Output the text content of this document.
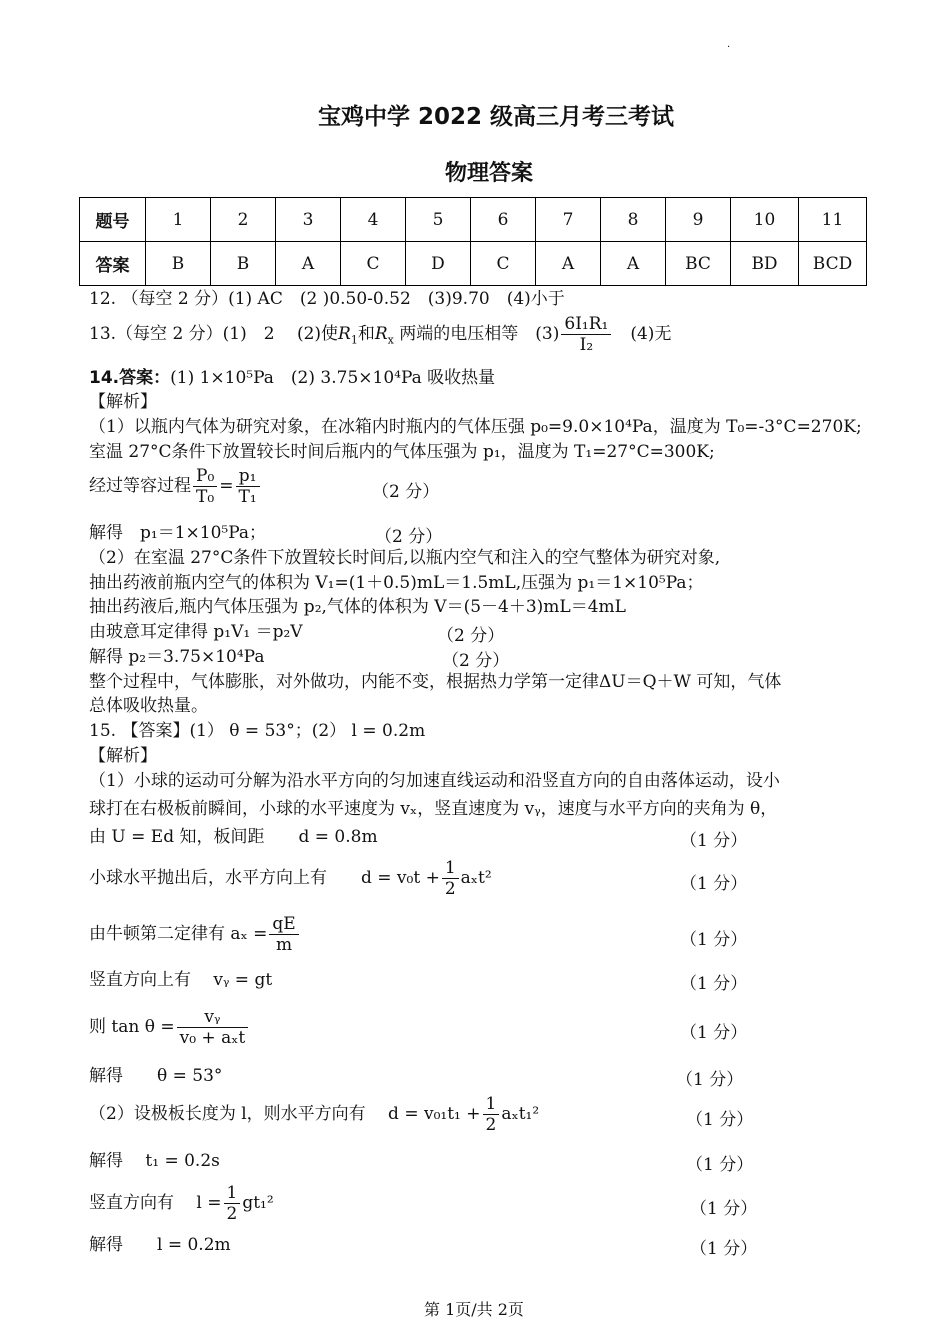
·
宝鸡中学 2022 级高三月考三考试
物理答案
题号	1	2	3	4	5	6	7	8	9	10	11
答案	B	B	A	C	D	C	A	A	BC	BD	BCD
12. （每空 2 分）(1) AC　(2 )0.50-0.52　(3)9.70　(4)小于
13.（每空 2 分）(1)　2　 (2)使$R_1$和$R_x$ 两端的电压相等　$(3) \frac{\text{6I₁R₁}}{\text{I₂}}$ 　(4)无
14.答案：(1) 1×10⁵Pa　(2) 3.75×10⁴Pa 吸收热量
【解析】
（1）以瓶内气体为研究对象，在冰箱内时瓶内的气体压强 p₀=9.0×10⁴Pa，温度为 T₀=-3°C=270K;
室温 27°C条件下放置较长时间后瓶内的气体压强为 p₁，温度为 T₁=27°C=300K;
经过等容过程 $\frac{\text{P₀}}{\text{T₀}} = \frac{\text{p₁}}{\text{T₁}}$	（2 分）
解得　p₁＝1×10⁵Pa；	（2 分）
（2）在室温 27°C条件下放置较长时间后,以瓶内空气和注入的空气整体为研究对象,
抽出药液前瓶内空气的体积为 V₁=(1＋0.5)mL＝1.5mL,压强为 p₁＝1×10⁵Pa；
抽出药液后,瓶内气体压强为 p₂,气体的体积为 V＝(5－4＋3)mL＝4mL
由玻意耳定律得 p₁V₁ ＝p₂V	（2 分）
解得 p₂＝3.75×10⁴Pa	（2 分）
整个过程中，气体膨胀，对外做功，内能不变，根据热力学第一定律ΔU＝Q＋W 可知，气体
总体吸收热量。
15. 【答案】(1） θ = 53°；(2） l = 0.2m
【解析】
（1）小球的运动可分解为沿水平方向的匀加速直线运动和沿竖直方向的自由落体运动，设小
球打在右极板前瞬间，小球的水平速度为 vₓ，竖直速度为 vᵧ，速度与水平方向的夹角为 θ，
由 U = Ed 知，板间距　　d = 0.8m	（1 分）
小球水平抛出后，水平方向上有　　$d = v_0t + \frac{1}{2} a_xt^2$	（1 分）
由牛顿第二定律有 $a_x = \frac{qE}{m}$	（1 分）
竖直方向上有　 vᵧ = gt	（1 分）
则 $\tan \theta = \frac{\text{vᵧ}}{\text{v₀ + aₓt}}$	（1 分）
解得　　θ = 53°	（1 分）
（2）设极板长度为 l，则水平方向有　 $d = v_{01}t_1 + \frac{1}{2} a_xt_1^2$	（1 分）
解得　 t₁ = 0.2s	（1 分）
竖直方向有　 $l = \frac{1}{2} gt_1^2$	（1 分）
解得　　l = 0.2m	（1 分）
第 1页/共 2页
